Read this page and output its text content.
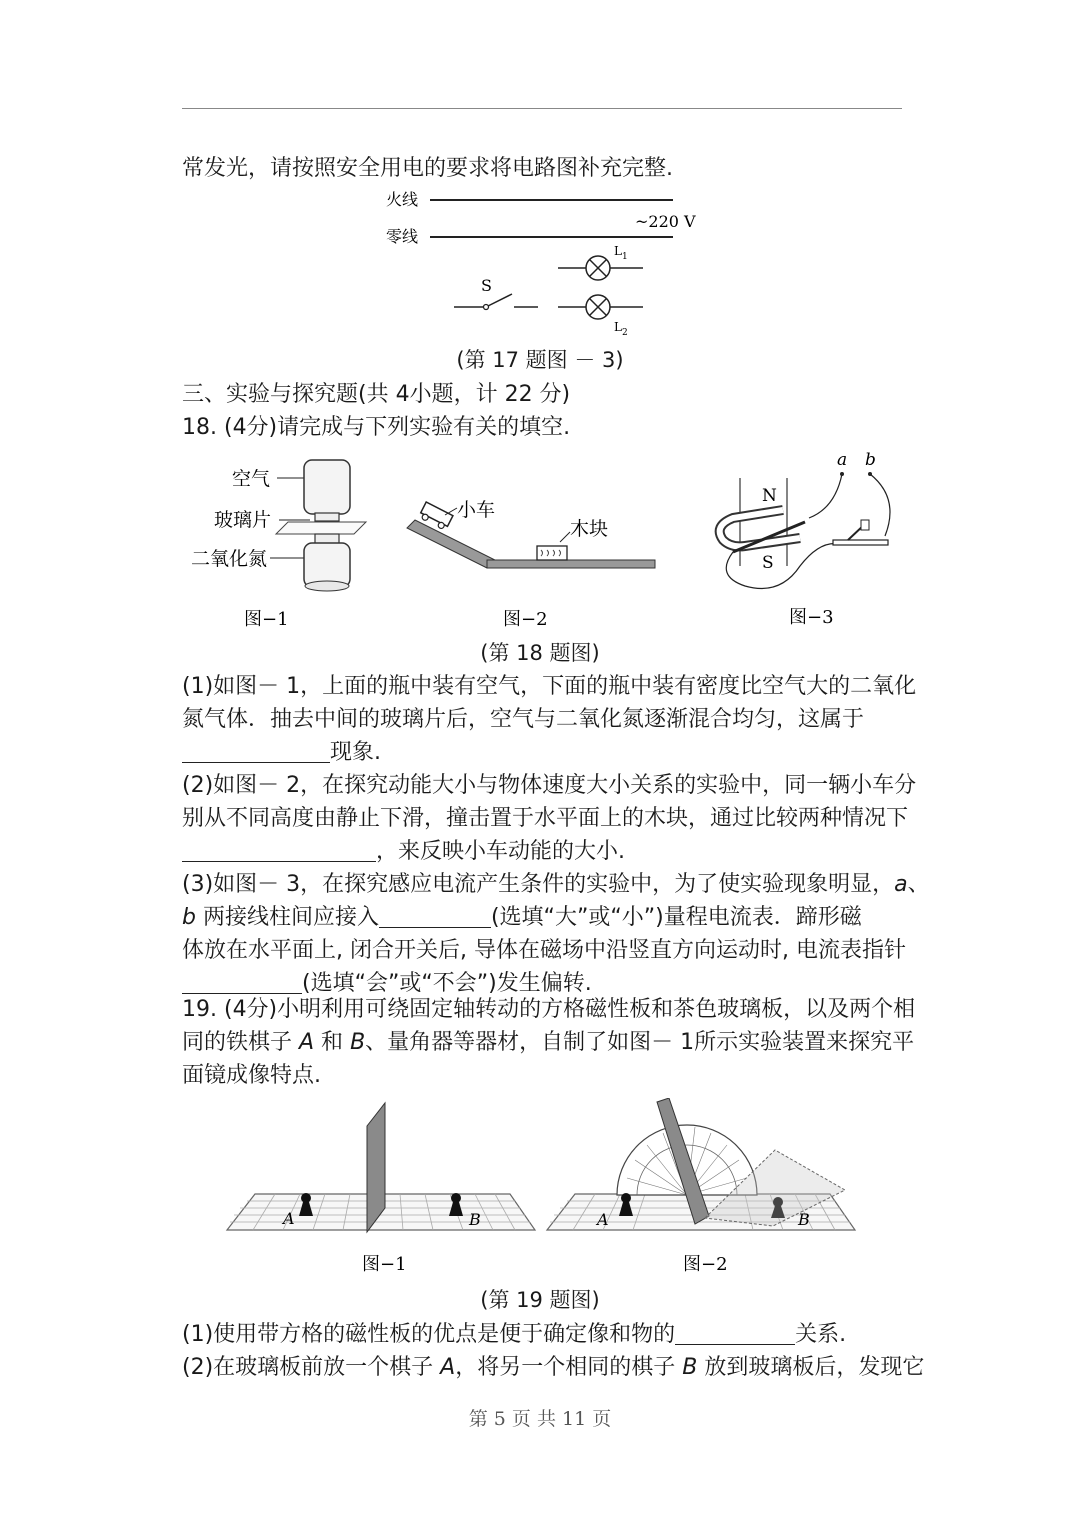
常发光，请按照安全用电的要求将电路图补充完整.
火线
~220 V
零线
$L_1$
S
$L_2$
(第 17 题图 － 3)
三、实验与探究题(共 4小题，计 22 分)
18. (4分)请完成与下列实验有关的填空.
空气
玻璃片
二氧化氮
图−1
小车
木块
图−2
a b
N
S
图−3
(第 18 题图)
(1)如图－ 1，上面的瓶中装有空气，下面的瓶中装有密度比空气大的二氧化
氮气体．抽去中间的玻璃片后，空气与二氧化氮逐渐混合均匀，这属于
现象.
(2)如图－ 2，在探究动能大小与物体速度大小关系的实验中，同一辆小车分
别从不同高度由静止下滑，撞击置于水平面上的木块，通过比较两种情况下
，来反映小车动能的大小.
(3)如图－ 3，在探究感应电流产生条件的实验中，为了使实验现象明显，a、
b 两接线柱间应接入	(选填“大”或“小”)量程电流表．蹄形磁
体放在水平面上, 闭合开关后, 导体在磁场中沿竖直方向运动时, 电流表指针
(选填“会”或“不会”)发生偏转.
19. (4分)小明利用可绕固定轴转动的方格磁性板和茶色玻璃板，以及两个相
同的铁棋子 A 和 B、量角器等器材，自制了如图－ 1所示实验装置来探究平
面镜成像特点.
A	B
图−1
A	B
图−2
(第 19 题图)
(1)使用带方格的磁性板的优点是便于确定像和物的	关系.
(2)在玻璃板前放一个棋子 A，将另一个相同的棋子 B 放到玻璃板后，发现它
第 5 页 共 11 页
